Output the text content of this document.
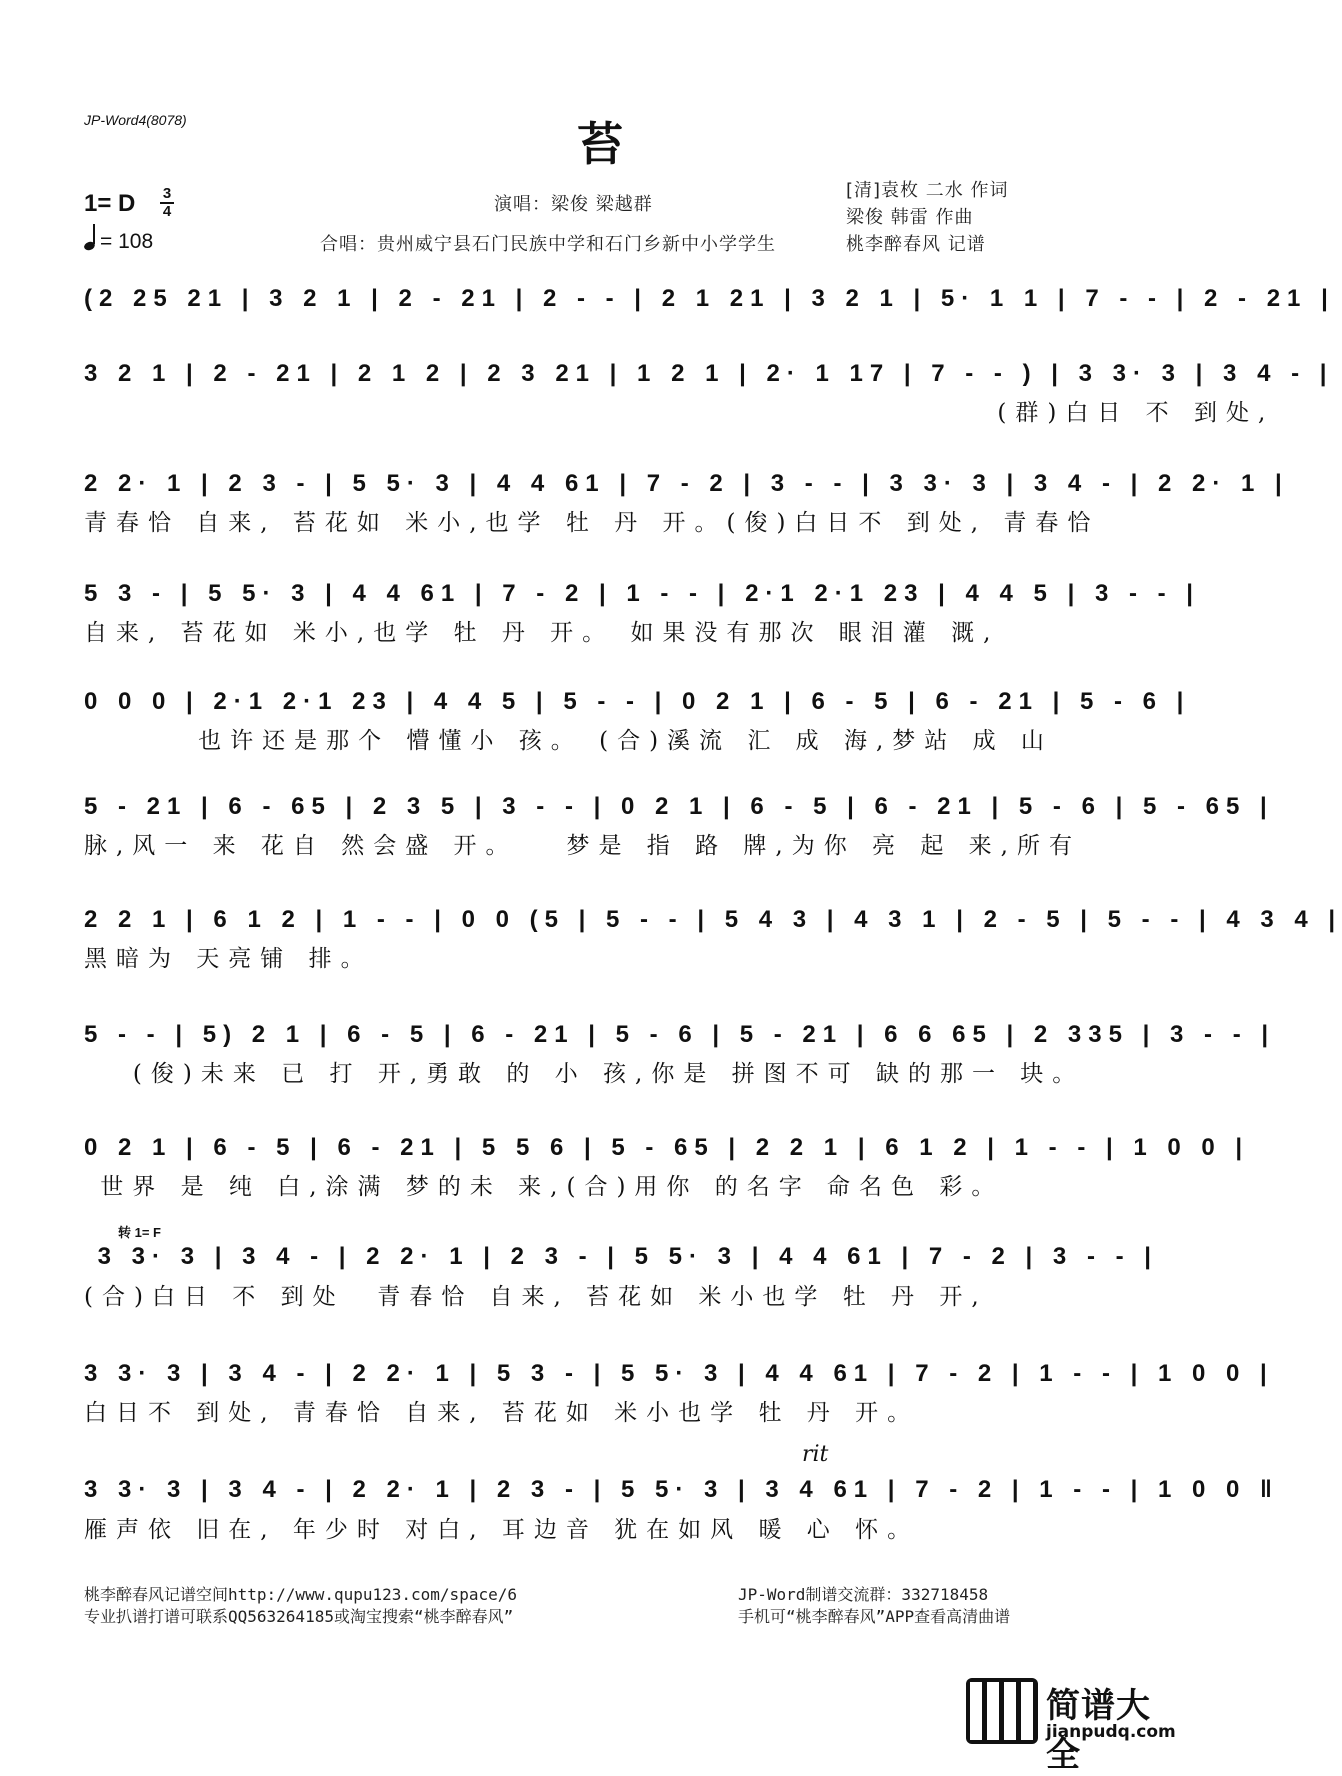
JP-Word4(8078)	苔
1= D 3
4
= 108
演唱：梁俊 梁越群
合唱：贵州威宁县石门民族中学和石门乡新中小学学生
[清]袁枚 二水 作词
梁俊 韩雷 作曲
桃李醉春风 记谱
(2 25 21 | 3 2 1 | 2 - 21 | 2 - - | 2 1 21 | 3 2 1 | 5· 1 1 | 7 - - | 2 - 21 |
3 2 1 | 2 - 21 | 2 1 2 | 2 3 21 | 1 2 1 | 2· 1 17 | 7 - - ) | 3 3· 3 | 3 4 - |
(群)白日 不 到处,
2 2· 1 | 2 3 - | 5 5· 3 | 4 4 61 | 7 - 2 | 3 - - | 3 3· 3 | 3 4 - | 2 2· 1 |
青春恰 自来, 苔花如 米小,也学 牡 丹 开。(俊)白日不 到处, 青春恰
5 3 - | 5 5· 3 | 4 4 61 | 7 - 2 | 1 - - | 2·1 2·1 23 | 4 4 5 | 3 - - |
自来, 苔花如 米小,也学 牡 丹 开。 如果没有那次 眼泪灌 溉,
0 0 0 | 2·1 2·1 23 | 4 4 5 | 5 - - | 0 2 1 | 6 - 5 | 6 - 21 | 5 - 6 |
也许还是那个 懵懂小 孩。 (合)溪流 汇 成 海,梦站 成 山
5 - 21 | 6 - 65 | 2 3 5 | 3 - - | 0 2 1 | 6 - 5 | 6 - 21 | 5 - 6 | 5 - 65 |
脉,风一 来 花自 然会盛 开。   梦是 指 路 牌,为你 亮 起 来,所有
2 2 1 | 6 1 2 | 1 - - | 0 0 (5 | 5 - - | 5 4 3 | 4 3 1 | 2 - 5 | 5 - - | 4 3 4 |
黑暗为 天亮铺 排。
5 - - | 5) 2 1 | 6 - 5 | 6 - 21 | 5 - 6 | 5 - 21 | 6 6 65 | 2 335 | 3 - - |
(俊)未来 已 打 开,勇敢 的 小 孩,你是 拼图不可 缺的那一 块。
0 2 1 | 6 - 5 | 6 - 21 | 5 5 6 | 5 - 65 | 2 2 1 | 6 1 2 | 1 - - | 1 0 0 |
世界 是 纯 白,涂满 梦的未 来,(合)用你 的名字 命名色 彩。
转 1= F
3 3· 3 | 3 4 - | 2 2· 1 | 2 3 - | 5 5· 3 | 4 4 61 | 7 - 2 | 3 - - |
(合)白日 不 到处  青春恰 自来, 苔花如 米小也学 牡 丹 开,
3 3· 3 | 3 4 - | 2 2· 1 | 5 3 - | 5 5· 3 | 4 4 61 | 7 - 2 | 1 - - | 1 0 0 |
白日不 到处, 青春恰 自来, 苔花如 米小也学 牡 丹 开。
rit
3 3· 3 | 3 4 - | 2 2· 1 | 2 3 - | 5 5· 3 | 3 4 61 | 7 - 2 | 1 - - | 1 0 0 ‖
雁声依 旧在, 年少时 对白, 耳边音 犹在如风 暖 心 怀。
桃李醉春风记谱空间http://www.qupu123.com/space/6
专业扒谱打谱可联系QQ563264185或淘宝搜索“桃李醉春风”
JP-Word制谱交流群：332718458
手机可“桃李醉春风”APP查看高清曲谱
简谱大全
jianpudq.com
